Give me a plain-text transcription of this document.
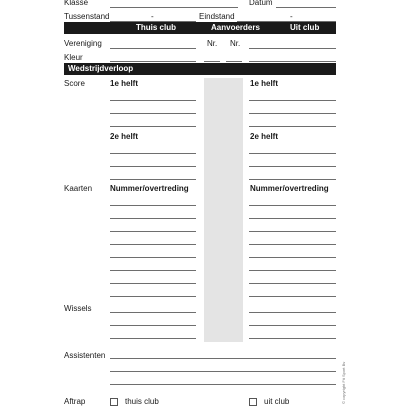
Klasse	Datum
Tussenstand	-	Eindstand	-
Thuis club	Aanvoerders	Uit club
Vereniging	Nr. Nr.
Kleur
Wedstrijdverloop
Score	1e helft	1e helft
2e helft	2e helft
Kaarten Nummer/overtreding	Nummer/overtreding
Wissels
Assistenten
Aftrap	thuis club	uit club	© copyright Fit Sport Bv
